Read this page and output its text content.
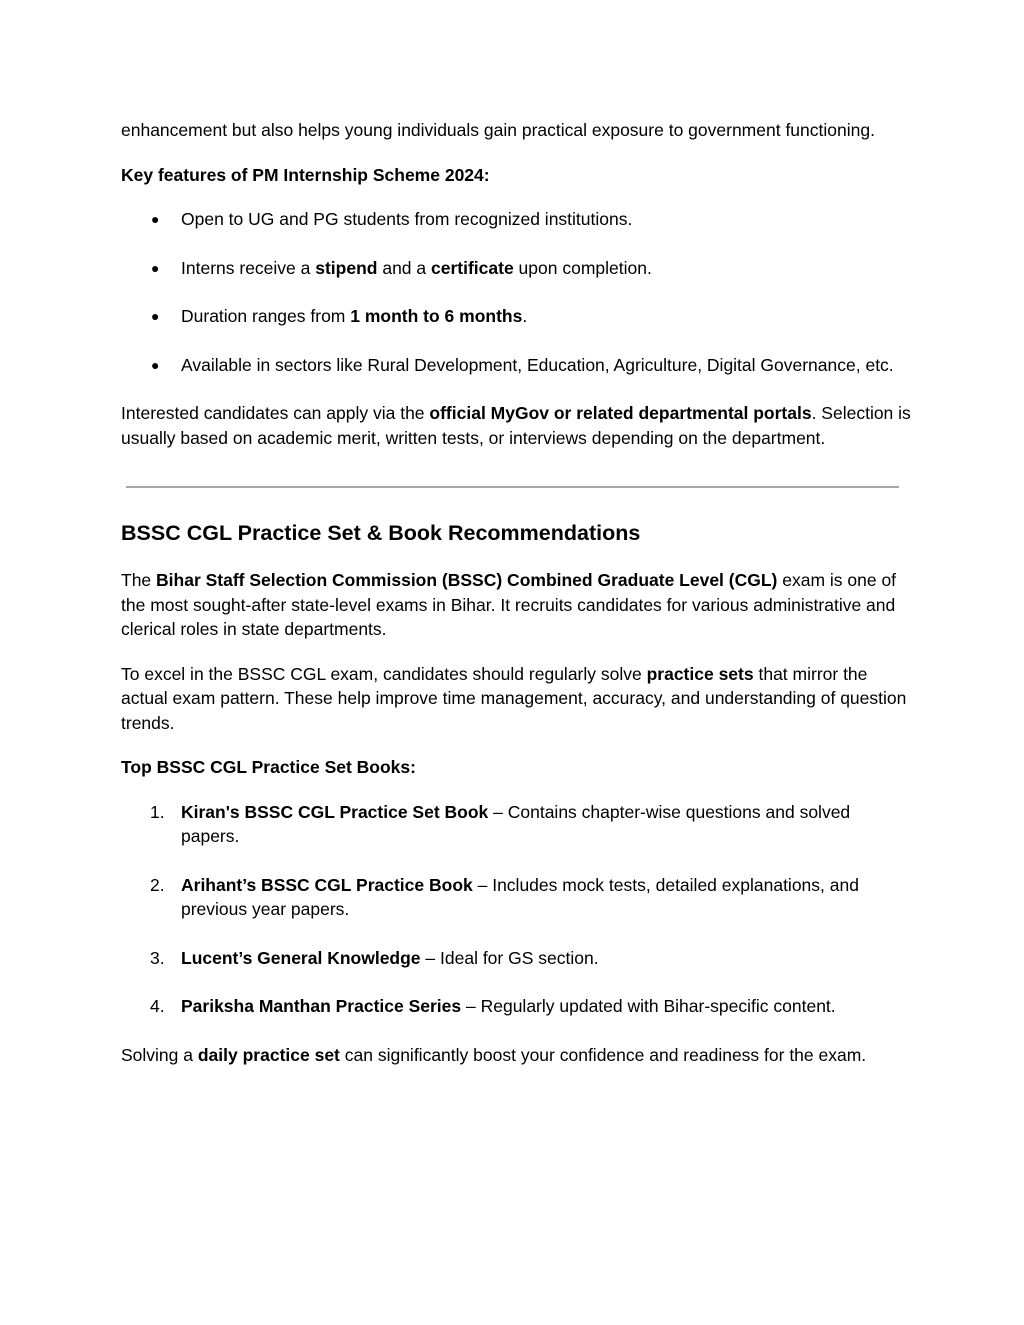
enhancement but also helps young individuals gain practical exposure to government functioning.

Key features of PM Internship Scheme 2024:

● Open to UG and PG students from recognized institutions.
● Interns receive a stipend and a certificate upon completion.
● Duration ranges from 1 month to 6 months.
● Available in sectors like Rural Development, Education, Agriculture, Digital Governance, etc.

Interested candidates can apply via the official MyGov or related departmental portals. Selection is usually based on academic merit, written tests, or interviews depending on the department.

BSSC CGL Practice Set & Book Recommendations

The Bihar Staff Selection Commission (BSSC) Combined Graduate Level (CGL) exam is one of the most sought-after state-level exams in Bihar. It recruits candidates for various administrative and clerical roles in state departments.

To excel in the BSSC CGL exam, candidates should regularly solve practice sets that mirror the actual exam pattern. These help improve time management, accuracy, and understanding of question trends.

Top BSSC CGL Practice Set Books:

1. Kiran's BSSC CGL Practice Set Book – Contains chapter-wise questions and solved papers.
2. Arihant’s BSSC CGL Practice Book – Includes mock tests, detailed explanations, and previous year papers.
3. Lucent’s General Knowledge – Ideal for GS section.
4. Pariksha Manthan Practice Series – Regularly updated with Bihar-specific content.

Solving a daily practice set can significantly boost your confidence and readiness for the exam.
